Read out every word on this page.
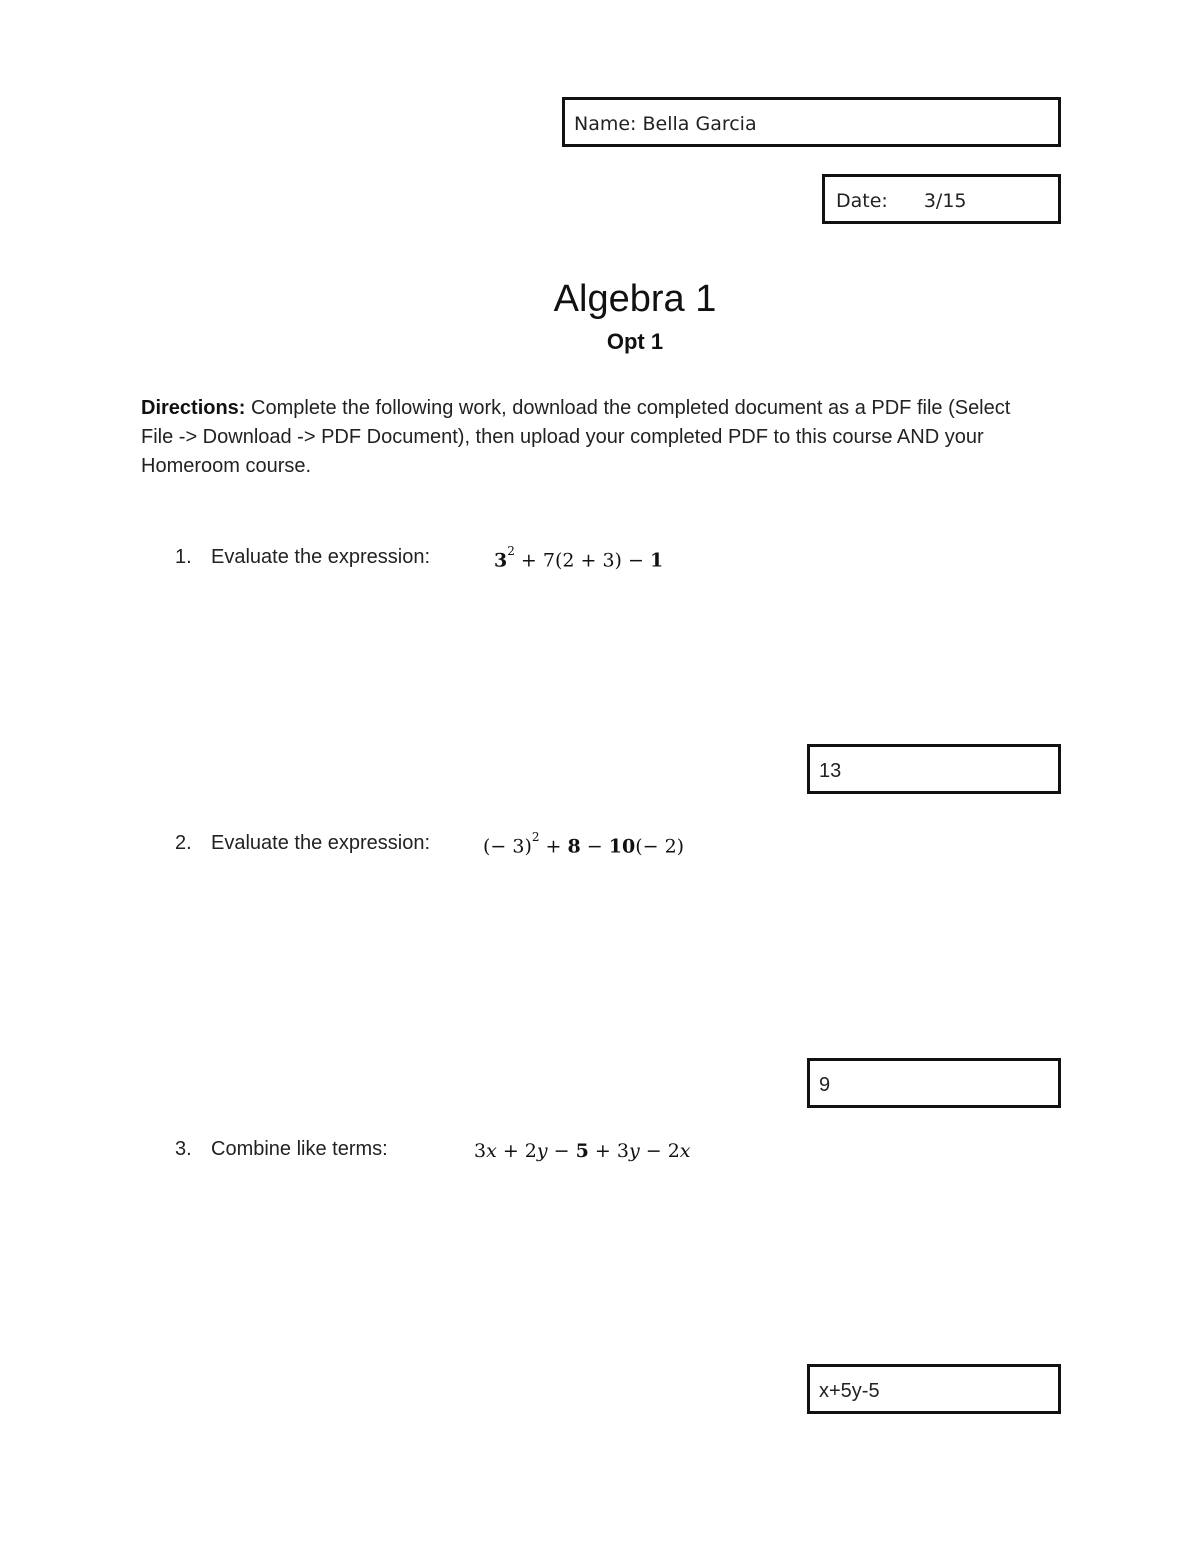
Name: Bella Garcia
Date: 3/15
Algebra 1
Opt 1
Directions: Complete the following work, download the completed document as a PDF file (Select File -> Download -> PDF Document), then upload your completed PDF to this course AND your Homeroom course.
1. Evaluate the expression:	$3^2 + 7(2 + 3) - 1$
13
2. Evaluate the expression:	(− 3)$^2$ + 8 − 10(− 2)
9
3. Combine like terms:	3x + 2y − 5 + 3y − 2x
x+5y-5
